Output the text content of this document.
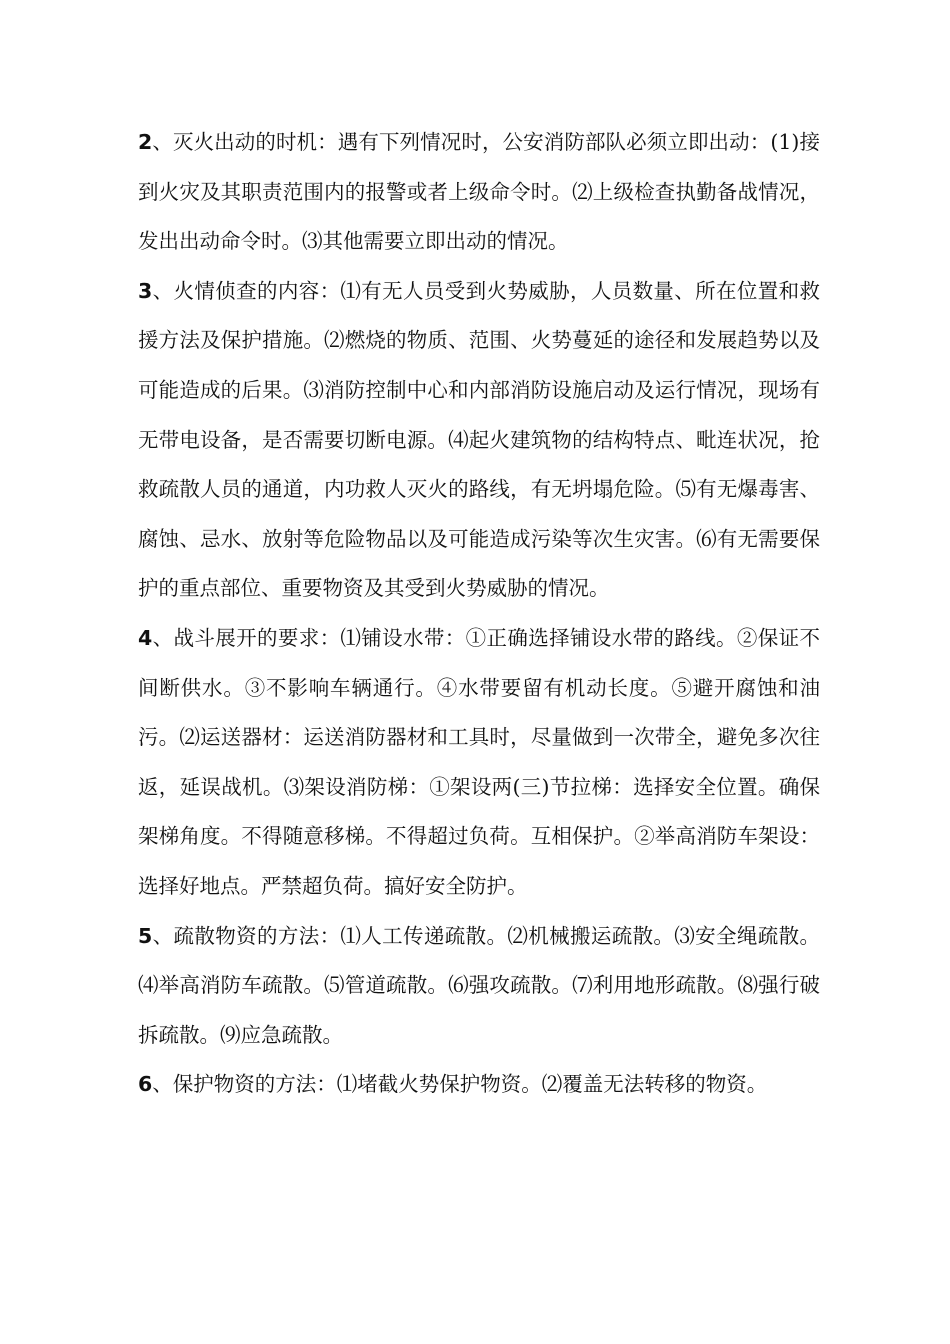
2、灭火出动的时机：遇有下列情况时，公安消防部队必须立即出动：(1)接到火灾及其职责范围内的报警或者上级命令时。⑵上级检查执勤备战情况，发出出动命令时。⑶其他需要立即出动的情况。

3、火情侦查的内容：⑴有无人员受到火势威胁，人员数量、所在位置和救援方法及保护措施。⑵燃烧的物质、范围、火势蔓延的途径和发展趋势以及可能造成的后果。⑶消防控制中心和内部消防设施启动及运行情况，现场有无带电设备，是否需要切断电源。⑷起火建筑物的结构特点、毗连状况，抢救疏散人员的通道，内功救人灭火的路线，有无坍塌危险。⑸有无爆毒害、腐蚀、忌水、放射等危险物品以及可能造成污染等次生灾害。⑹有无需要保护的重点部位、重要物资及其受到火势威胁的情况。

4、战斗展开的要求：⑴铺设水带：①正确选择铺设水带的路线。②保证不间断供水。③不影响车辆通行。④水带要留有机动长度。⑤避开腐蚀和油污。⑵运送器材：运送消防器材和工具时，尽量做到一次带全，避免多次往返，延误战机。⑶架设消防梯：①架设两(三)节拉梯：选择安全位置。确保架梯角度。不得随意移梯。不得超过负荷。互相保护。②举高消防车架设：选择好地点。严禁超负荷。搞好安全防护。

5、疏散物资的方法：⑴人工传递疏散。⑵机械搬运疏散。⑶安全绳疏散。⑷举高消防车疏散。⑸管道疏散。⑹强攻疏散。⑺利用地形疏散。⑻强行破拆疏散。⑼应急疏散。

6、保护物资的方法：⑴堵截火势保护物资。⑵覆盖无法转移的物资。
